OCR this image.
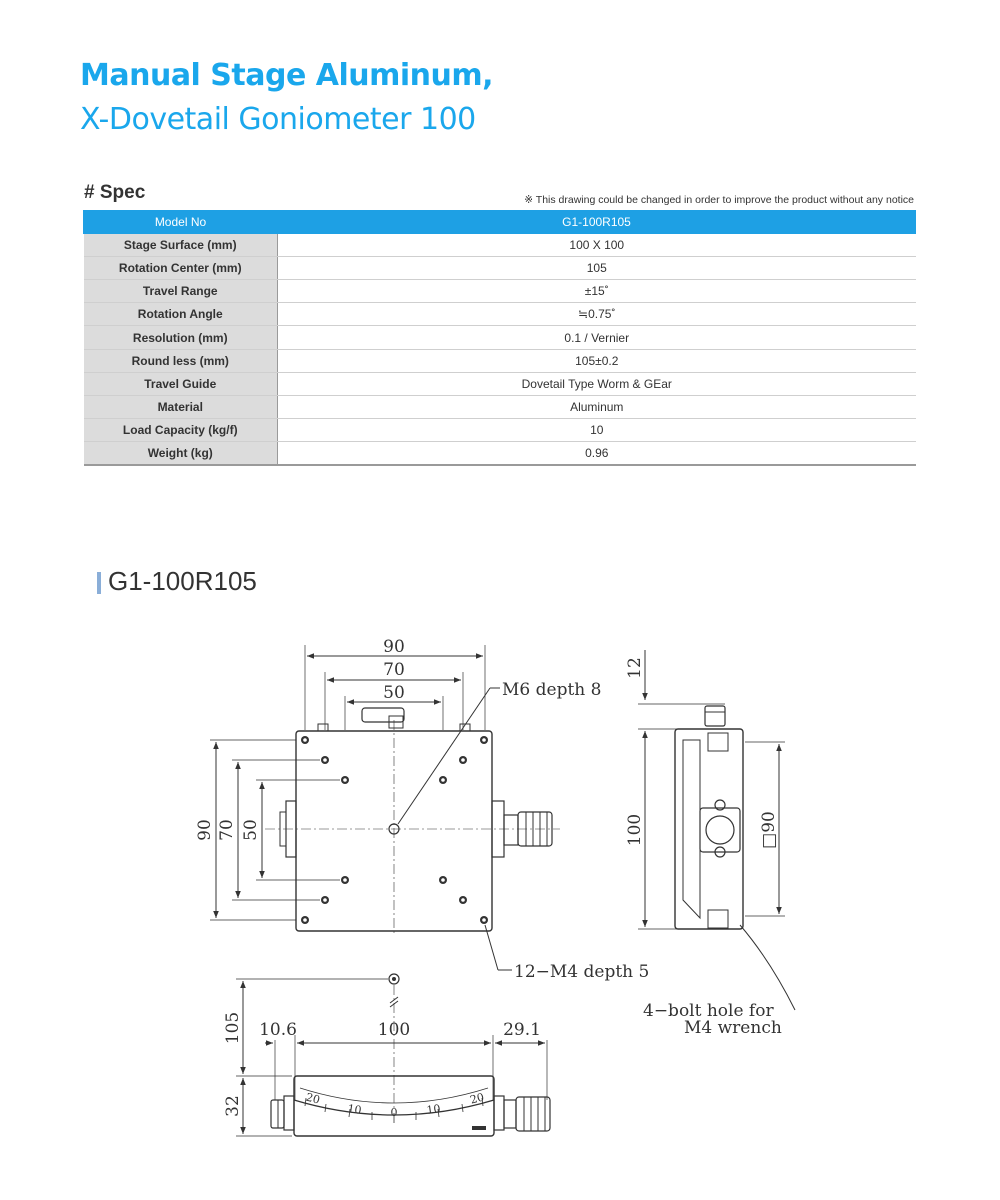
Manual Stage Aluminum,
X-Dovetail Goniometer 100
# Spec	※ This drawing could be changed in order to improve the product without any notice
Model No	G1-100R105
Stage Surface (mm)	100 X 100
Rotation Center (mm)	105
Travel Range	±15˚
Rotation Angle	≒0.75˚
Resolution (mm)	0.1 / Vernier
Round less (mm)	105±0.2
Travel Guide	Dovetail Type Worm & GEar
Material	Aluminum
Load Capacity (kg/f)	10
Weight (kg)	0.96
G1-100R105
90
70
50
90 70 50
M6 depth 8
12−M4 depth 5
12
100	□90
4−bolt hole for
M4 wrench
105
32
10.6	100	29.1
20
10	0	10
20
